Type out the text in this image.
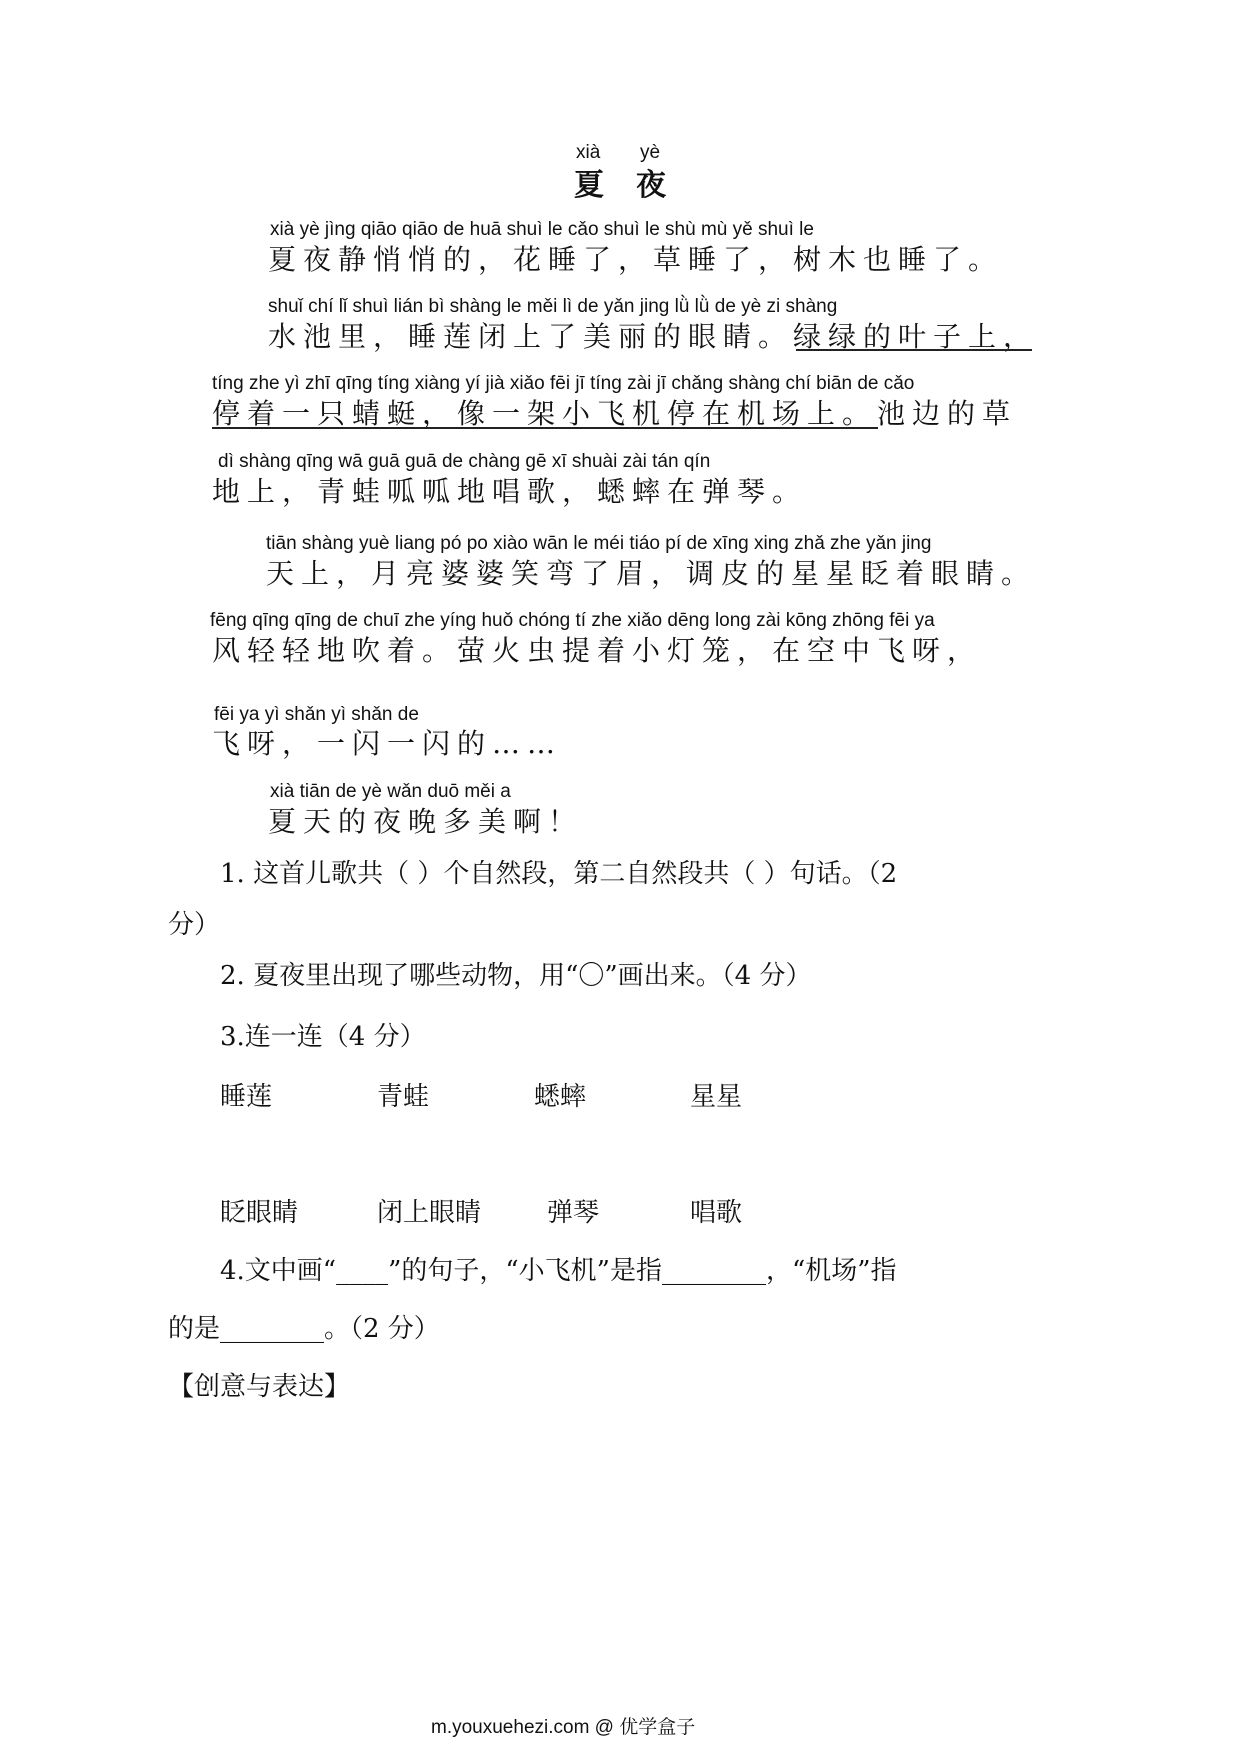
xià yè
夏 夜
xià yè jìng qiāo qiāo de huā shuì le cǎo shuì le shù mù yě shuì le
夏夜静悄悄的，花睡了，草睡了，树木也睡了。
shuǐ chí lǐ shuì lián bì shàng le měi lì de yǎn jing lǜ lǜ de yè zi shàng
水池里，睡莲闭上了美丽的眼睛。绿绿的叶子上，
tíng zhe yì zhī qīng tíng xiàng yí jià xiǎo fēi jī tíng zài jī chǎng shàng chí biān de cǎo
停着一只蜻蜓，像一架小飞机停在机场上。池边的草
dì shàng qīng wā guā guā de chàng gē xī shuài zài tán qín
地上，青蛙呱呱地唱歌，蟋蟀在弹琴。
tiān shàng yuè liang pó po xiào wān le méi tiáo pí de xīng xing zhǎ zhe yǎn jing
天上，月亮婆婆笑弯了眉，调皮的星星眨着眼睛。
fēng qīng qīng de chuī zhe yíng huǒ chóng tí zhe xiǎo dēng long zài kōng zhōng fēi ya
风轻轻地吹着。萤火虫提着小灯笼，在空中飞呀，
fēi ya yì shǎn yì shǎn de
飞呀，一闪一闪的……
xià tiān de yè wǎn duō měi a
夏天的夜晚多美啊！
1. 这首儿歌共（ ）个自然段，第二自然段共（ ）句话。（2
分）
2. 夏夜里出现了哪些动物，用“〇”画出来。（4 分）
3.连一连（4 分）
睡莲	青蛙	蟋蟀	星星
眨眼睛	闭上眼睛	弹琴	唱歌
4.文中画“____”的句子，“小飞机”是指________，“机场”指
的是________。（2 分）
【创意与表达】
m.youxuehezi.com @ 优学盒子
